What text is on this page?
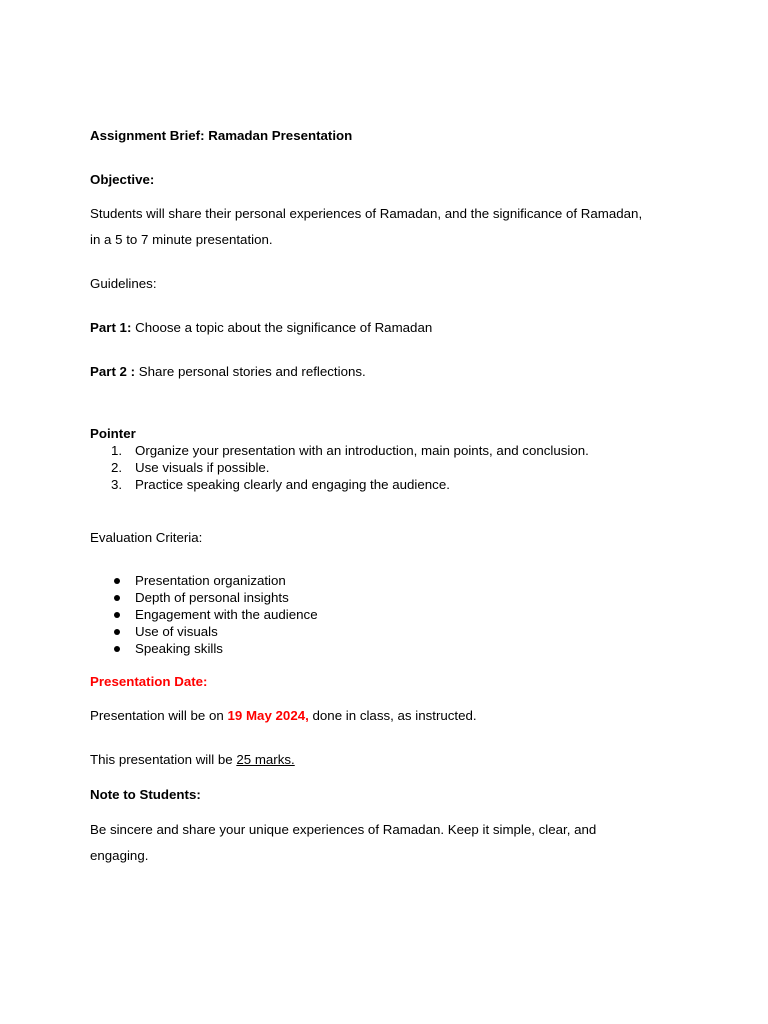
Assignment Brief: Ramadan Presentation
Objective:
Students will share their personal experiences of Ramadan, and the significance of Ramadan,
in a 5 to 7 minute presentation.
Guidelines:
Part 1: Choose a topic about the significance of Ramadan
Part 2 : Share personal stories and reflections.
Pointer
1. Organize your presentation with an introduction, main points, and conclusion.
2. Use visuals if possible.
3. Practice speaking clearly and engaging the audience.
Evaluation Criteria:
Presentation organization
Depth of personal insights
Engagement with the audience
Use of visuals
Speaking skills
Presentation Date:
Presentation will be on 19 May 2024, done in class, as instructed.
This presentation will be 25 marks.
Note to Students:
Be sincere and share your unique experiences of Ramadan. Keep it simple, clear, and
engaging.
